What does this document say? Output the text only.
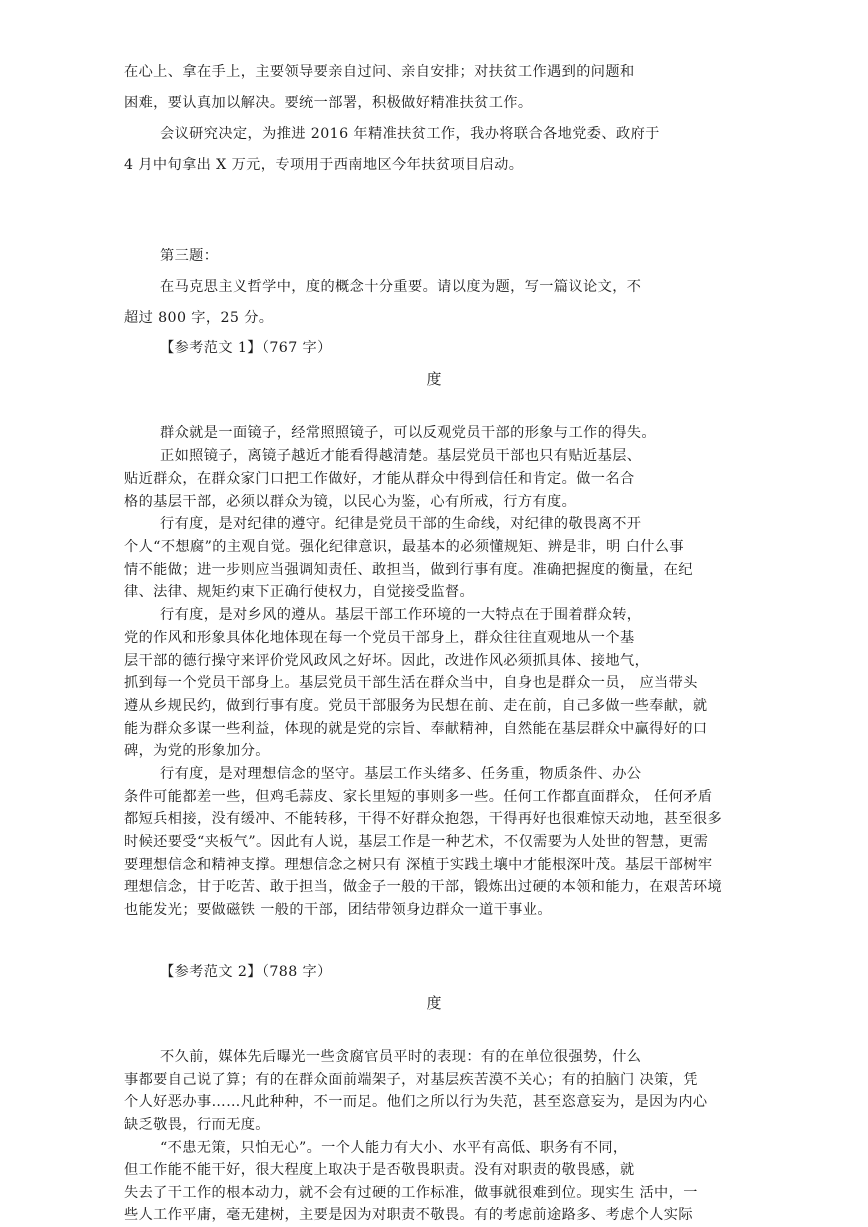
在心上、拿在手上，主要领导要亲自过问、亲自安排；对扶贫工作遇到的问题和
困难，要认真加以解决。要统一部署，积极做好精准扶贫工作。
会议研究决定，为推进 2016 年精准扶贫工作，我办将联合各地党委、政府于
4 月中旬拿出 X 万元，专项用于西南地区今年扶贫项目启动。
第三题：
在马克思主义哲学中，度的概念十分重要。请以度为题，写一篇议论文，不
超过 800 字，25 分。
【参考范文 1】（767 字）
度
群众就是一面镜子，经常照照镜子，可以反观党员干部的形象与工作的得失。
正如照镜子，离镜子越近才能看得越清楚。基层党员干部也只有贴近基层、
贴近群众，在群众家门口把工作做好，才能从群众中得到信任和肯定。做一名合
格的基层干部，必须以群众为镜，以民心为鉴，心有所戒，行方有度。
行有度，是对纪律的遵守。纪律是党员干部的生命线，对纪律的敬畏离不开
个人“不想腐”的主观自觉。强化纪律意识，最基本的必须懂规矩、辨是非，明 白什么事
情不能做；进一步则应当强调知责任、敢担当，做到行事有度。准确把握度的衡量，在纪
律、法律、规矩约束下正确行使权力，自觉接受监督。
行有度，是对乡风的遵从。基层干部工作环境的一大特点在于围着群众转，
党的作风和形象具体化地体现在每一个党员干部身上，群众往往直观地从一个基
层干部的德行操守来评价党风政风之好坏。因此，改进作风必须抓具体、接地气，
抓到每一个党员干部身上。基层党员干部生活在群众当中，自身也是群众一员， 应当带头
遵从乡规民约，做到行事有度。党员干部服务为民想在前、走在前，自己多做一些奉献，就
能为群众多谋一些利益，体现的就是党的宗旨、奉献精神，自然能在基层群众中赢得好的口
碑，为党的形象加分。
行有度，是对理想信念的坚守。基层工作头绪多、任务重，物质条件、办公
条件可能都差一些，但鸡毛蒜皮、家长里短的事则多一些。任何工作都直面群众， 任何矛盾
都短兵相接，没有缓冲、不能转移，干得不好群众抱怨，干得再好也很难惊天动地，甚至很多
时候还要受“夹板气”。因此有人说，基层工作是一种艺术，不仅需要为人处世的智慧，更需
要理想信念和精神支撑。理想信念之树只有 深植于实践土壤中才能根深叶茂。基层干部树牢
理想信念，甘于吃苦、敢于担当，做金子一般的干部，锻炼出过硬的本领和能力，在艰苦环境
也能发光；要做磁铁 一般的干部，团结带领身边群众一道干事业。
【参考范文 2】（788 字）
度
不久前，媒体先后曝光一些贪腐官员平时的表现：有的在单位很强势，什么
事都要自己说了算；有的在群众面前端架子，对基层疾苦漠不关心；有的拍脑门 决策，凭
个人好恶办事……凡此种种，不一而足。他们之所以行为失范，甚至恣意妄为，是因为内心
缺乏敬畏，行而无度。
“不患无策，只怕无心”。一个人能力有大小、水平有高低、职务有不同，
但工作能不能干好，很大程度上取决于是否敬畏职责。没有对职责的敬畏感，就
失去了干工作的根本动力，就不会有过硬的工作标准，做事就很难到位。现实生 活中，一
些人工作平庸，毫无建树，主要是因为对职责不敬畏。有的考虑前途路多、考虑个人实际
